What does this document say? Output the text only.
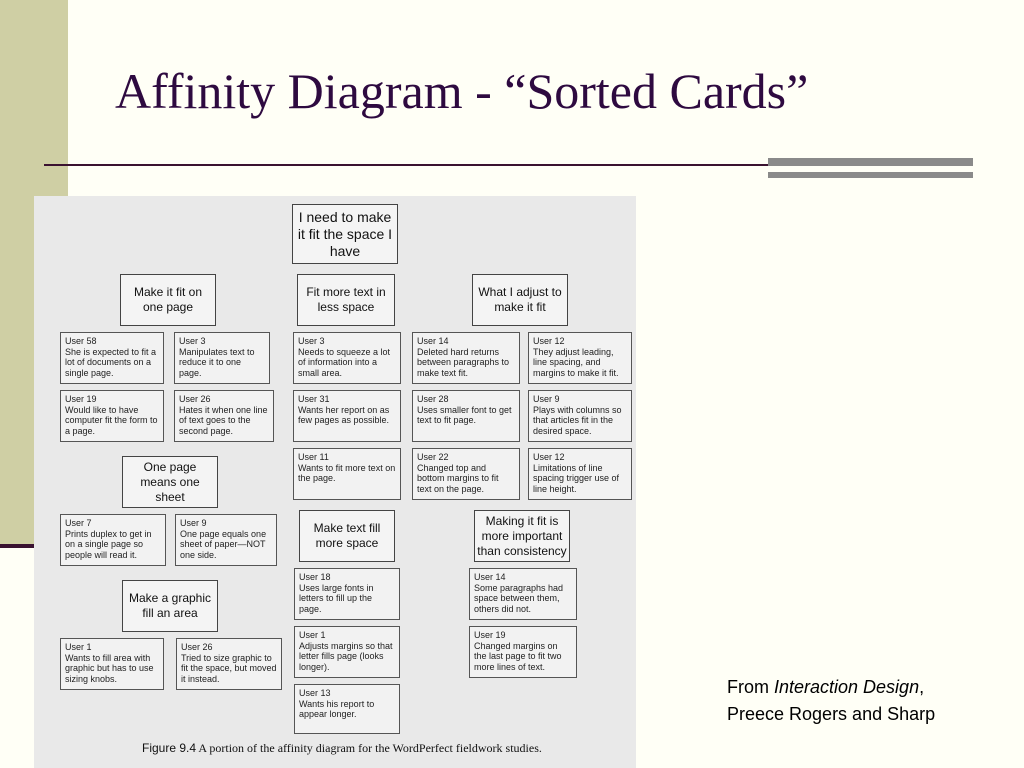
Affinity Diagram - “Sorted Cards”
I need to make it fit the space I have
Make it fit on one page
Fit more text in less space
What I adjust to make it fit
One page means one sheet
Make text fill more space
Making it fit is more important than consistency
Make a graphic fill an area
User 58
She is expected to fit a lot of documents on a single page.
User 3
Manipulates text to reduce it to one page.
User 19
Would like to have computer fit the form to a page.
User 26
Hates it when one line of text goes to the second page.
User 3
Needs to squeeze a lot of information into a small area.
User 31
Wants her report on as few pages as possible.
User 11
Wants to fit more text on the page.
User 14
Deleted hard returns between paragraphs to make text fit.
User 12
They adjust leading, line spacing, and margins to make it fit.
User 28
Uses smaller font to get text to fit page.
User 9
Plays with columns so that articles fit in the desired space.
User 22
Changed top and bottom margins to fit text on the page.
User 12
Limitations of line spacing trigger use of line height.
User 7
Prints duplex to get in on a single page so people will read it.
User 9
One page equals one sheet of paper—NOT one side.
User 18
Uses large fonts in letters to fill up the page.
User 1
Adjusts margins so that letter fills page (looks longer).
User 13
Wants his report to appear longer.
User 14
Some paragraphs had space between them, others did not.
User 19
Changed margins on the last page to fit two more lines of text.
User 1
Wants to fill area with graphic but has to use sizing knobs.
User 26
Tried to size graphic to fit the space, but moved it instead.
Figure 9.4 A portion of the affinity diagram for the WordPerfect fieldwork studies.
From Interaction Design,
Preece Rogers and Sharp
